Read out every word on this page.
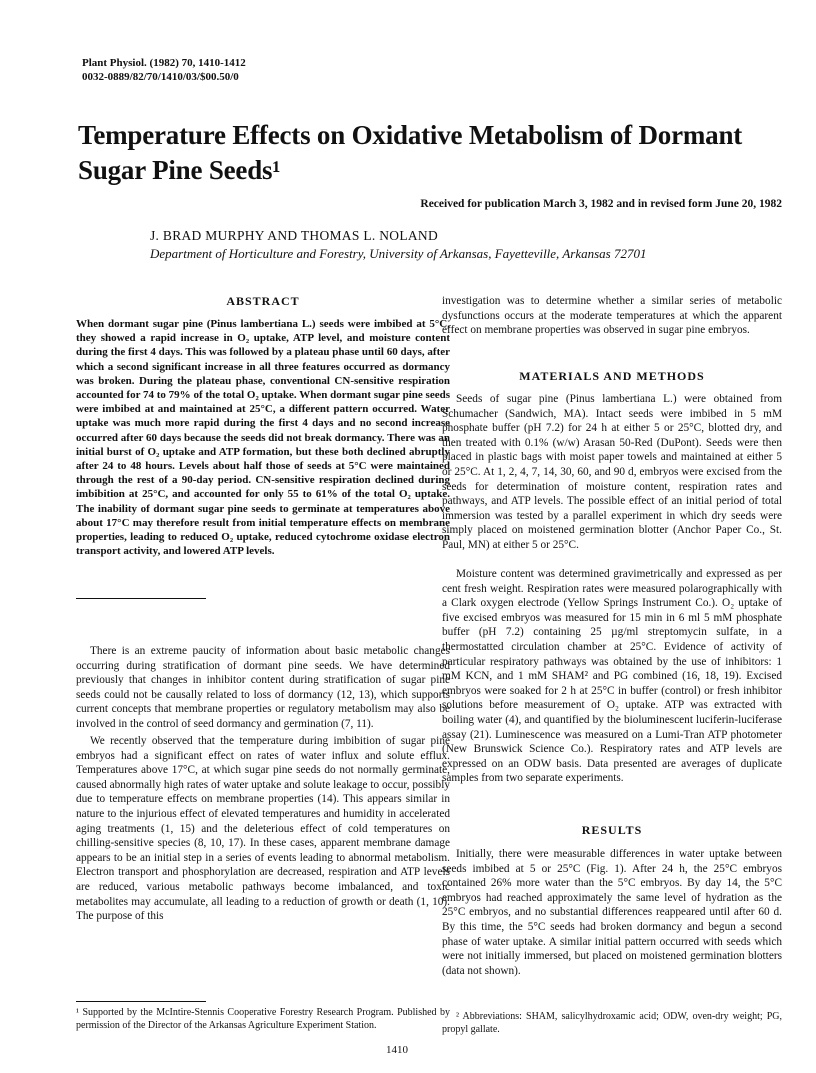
Plant Physiol. (1982) 70, 1410-1412
0032-0889/82/70/1410/03/$00.50/0
Temperature Effects on Oxidative Metabolism of Dormant Sugar Pine Seeds¹
Received for publication March 3, 1982 and in revised form June 20, 1982
J. BRAD MURPHY AND THOMAS L. NOLAND
Department of Horticulture and Forestry, University of Arkansas, Fayetteville, Arkansas 72701
ABSTRACT

When dormant sugar pine (Pinus lambertiana L.) seeds were imbibed at 5°C, they showed a rapid increase in O₂ uptake, ATP level, and moisture content during the first 4 days. This was followed by a plateau phase until 60 days, after which a second significant increase in all three features occurred as dormancy was broken. During the plateau phase, conventional CN-sensitive respiration accounted for 74 to 79% of the total O₂ uptake. When dormant sugar pine seeds were imbibed at and maintained at 25°C, a different pattern occurred. Water uptake was much more rapid during the first 4 days and no second increase occurred after 60 days because the seeds did not break dormancy. There was an initial burst of O₂ uptake and ATP formation, but these both declined abruptly after 24 to 48 hours. Levels about half those of seeds at 5°C were maintained through the rest of a 90-day period. CN-sensitive respiration declined during imbibition at 25°C, and accounted for only 55 to 61% of the total O₂ uptake. The inability of dormant sugar pine seeds to germinate at temperatures above about 17°C may therefore result from initial temperature effects on membrane properties, leading to reduced O₂ uptake, reduced cytochrome oxidase electron transport activity, and lowered ATP levels.

There is an extreme paucity of information about basic metabolic changes occurring during stratification of dormant pine seeds. We have determined previously that changes in inhibitor content during stratification of sugar pine seeds could not be causally related to loss of dormancy (12, 13), which supports current concepts that membrane properties or regulatory metabolism may also be involved in the control of seed dormancy and germination (7, 11).

We recently observed that the temperature during imbibition of sugar pine embryos had a significant effect on rates of water influx and solute efflux. Temperatures above 17°C, at which sugar pine seeds do not normally germinate, caused abnormally high rates of water uptake and solute leakage to occur, possibly due to temperature effects on membrane properties (14). This appears similar in nature to the injurious effect of elevated temperatures and humidity in accelerated aging treatments (1, 15) and the deleterious effect of cold temperatures on chilling-sensitive species (8, 10, 17). In these cases, apparent membrane damage appears to be an initial step in a series of events leading to abnormal metabolism. Electron transport and phosphorylation are decreased, respiration and ATP levels are reduced, various metabolic pathways become imbalanced, and toxic metabolites may accumulate, all leading to a reduction of growth or death (1, 10). The purpose of this

¹ Supported by the McIntire-Stennis Cooperative Forestry Research Program. Published by permission of the Director of the Arkansas Agriculture Experiment Station.

investigation was to determine whether a similar series of metabolic dysfunctions occurs at the moderate temperatures at which the apparent effect on membrane properties was observed in sugar pine embryos.

MATERIALS AND METHODS

Seeds of sugar pine (Pinus lambertiana L.) were obtained from Schumacher (Sandwich, MA). Intact seeds were imbibed in 5 mM phosphate buffer (pH 7.2) for 24 h at either 5 or 25°C, blotted dry, and then treated with 0.1% (w/w) Arasan 50-Red (DuPont). Seeds were then placed in plastic bags with moist paper towels and maintained at either 5 or 25°C. At 1, 2, 4, 7, 14, 30, 60, and 90 d, embryos were excised from the seeds for determination of moisture content, respiration rates and pathways, and ATP levels. The possible effect of an initial period of total immersion was tested by a parallel experiment in which dry seeds were simply placed on moistened germination blotter (Anchor Paper Co., St. Paul, MN) at either 5 or 25°C.

Moisture content was determined gravimetrically and expressed as per cent fresh weight. Respiration rates were measured polarographically with a Clark oxygen electrode (Yellow Springs Instrument Co.). O₂ uptake of five excised embryos was measured for 15 min in 6 ml 5 mM phosphate buffer (pH 7.2) containing 25 µg/ml streptomycin sulfate, in a thermostatted circulation chamber at 25°C. Evidence of activity of particular respiratory pathways was obtained by the use of inhibitors: 1 mM KCN, and 1 mM SHAM² and PG combined (16, 18, 19). Excised embryos were soaked for 2 h at 25°C in buffer (control) or fresh inhibitor solutions before measurement of O₂ uptake. ATP was extracted with boiling water (4), and quantified by the bioluminescent luciferin-luciferase assay (21). Luminescence was measured on a Lumi-Tran ATP photometer (New Brunswick Science Co.). Respiratory rates and ATP levels are expressed on an ODW basis. Data presented are averages of duplicate samples from two separate experiments.

RESULTS

Initially, there were measurable differences in water uptake between seeds imbibed at 5 or 25°C (Fig. 1). After 24 h, the 25°C embryos contained 26% more water than the 5°C embryos. By day 14, the 5°C embryos had reached approximately the same level of hydration as the 25°C embryos, and no substantial differences reappeared until after 60 d. By this time, the 5°C seeds had broken dormancy and begun a second phase of water uptake. A similar initial pattern occurred with seeds which were not initially immersed, but placed on moistened germination blotters (data not shown).

² Abbreviations: SHAM, salicylhydroxamic acid; ODW, oven-dry weight; PG, propyl gallate.

1410
